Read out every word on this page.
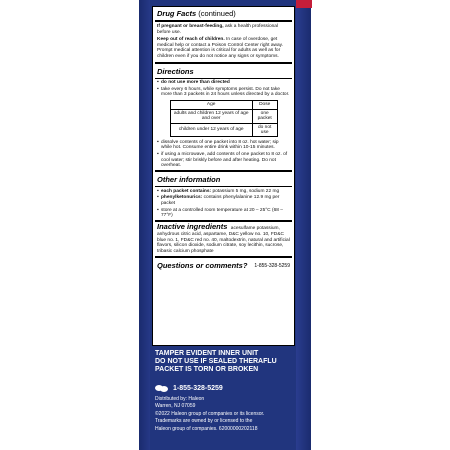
Drug Facts (continued)
If pregnant or breast-feeding, ask a health professional before use.
Keep out of reach of children. In case of overdose, get medical help or contact a Poison Control Center right away. Prompt medical attention is critical for adults as well as for children even if you do not notice any signs or symptoms.
Directions
▪ do not use more than directed
▪ take every 6 hours, while symptoms persist. Do not take more than 3 packets in 24 hours unless directed by a doctor.
Age	Dose
adults and children 12 years of age and over	one packet
children under 12 years of age	do not use
▪ dissolve contents of one packet into 8 oz. hot water; sip while hot. Consume entire drink within 10-15 minutes.
▪ if using a microwave, add contents of one packet to 8 oz. of cool water; stir briskly before and after heating. Do not overheat.
Other information
▪ each packet contains: potassium 5 mg, sodium 22 mg
▪ phenylketonurics: contains phenylalanine 12.9 mg per packet
▪ store at a controlled room temperature at 20 – 25°C (68 – 77°F)
Inactive ingredients acesulfame potassium, anhydrous citric acid, aspartame, D&C yellow no. 10, FD&C blue no. 1, FD&C red no. 40, maltodextrin, natural and artificial flavors, silicon dioxide, sodium citrate, soy lecithin, sucrose, tribasic calcium phosphate
Questions or comments? 1-855-328-5259
TAMPER EVIDENT INNER UNIT
DO NOT USE IF SEALED THERAFLU
PACKET IS TORN OR BROKEN
1-855-328-5259
Distributed by: Haleon
Warren, NJ 07059
©2022 Haleon group of companies or its licensor.
Trademarks are owned by or licensed to the
Haleon group of companies. 62000000202118
